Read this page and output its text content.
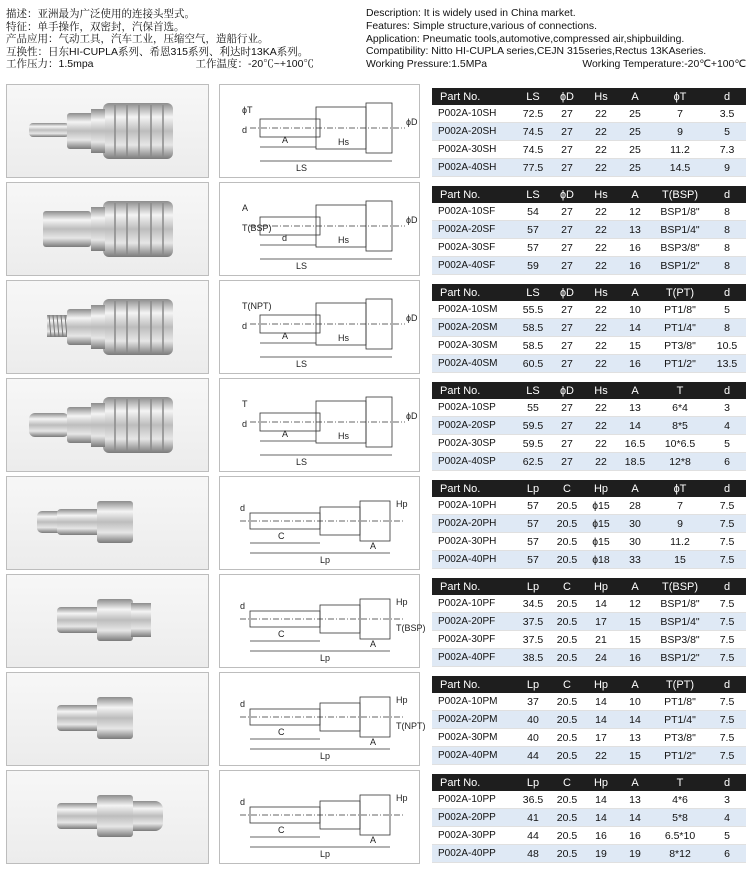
描述：亚洲最为广泛使用的连接头型式。
特征：单手操作，双密封，汽保首选。
产品应用：气动工具，汽车工业，压缩空气，造船行业。
互换性：日东HI-CUPLA系列、希恩315系列、利达时13KA系列。
工作压力：1.5mpa	工作温度：-20℃~+100℃
Description: It is widely used in China market.
Features: Simple structure,various of connections.
Application: Pneumatic tools,automotive,compressed air,shipbuilding.
Compatibility: Nitto HI-CUPLA series,CEJN 315series,Rectus 13KAseries.
Working Pressure:1.5MPa	Working Temperature:-20℃+100℃
ɸT
d
A
ɸD
Hs
LS
Part No.	LS	ɸD	Hs	A	ɸT	d
P002A-10SH	72.5	27	22	25	7	3.5
P002A-20SH	74.5	27	22	25	9	5
P002A-30SH	74.5	27	22	25	11.2	7.3
P002A-40SH	77.5	27	22	25	14.5	9
A
T(BSP)
d
ɸD
Hs
LS
Part No.	LS	ɸD	Hs	A	T(BSP)	d
P002A-10SF	54	27	22	12	BSP1/8"	8
P002A-20SF	57	27	22	13	BSP1/4"	8
P002A-30SF	57	27	22	16	BSP3/8"	8
P002A-40SF	59	27	22	16	BSP1/2"	8
T(NPT)
d
A
ɸD
Hs
LS
Part No.	LS	ɸD	Hs	A	T(PT)	d
P002A-10SM	55.5	27	22	10	PT1/8"	5
P002A-20SM	58.5	27	22	14	PT1/4"	8
P002A-30SM	58.5	27	22	15	PT3/8"	10.5
P002A-40SM	60.5	27	22	16	PT1/2"	13.5
T
d
A
ɸD
Hs
LS
Part No.	LS	ɸD	Hs	A	T	d
P002A-10SP	55	27	22	13	6*4	3
P002A-20SP	59.5	27	22	14	8*5	4
P002A-30SP	59.5	27	22	16.5	10*6.5	5
P002A-40SP	62.5	27	22	18.5	12*8	6
d
C
Lp
A
Hp
Part No.	Lp	C	Hp	A	ɸT	d
P002A-10PH	57	20.5	ɸ15	28	7	7.5
P002A-20PH	57	20.5	ɸ15	30	9	7.5
P002A-30PH	57	20.5	ɸ15	30	11.2	7.5
P002A-40PH	57	20.5	ɸ18	33	15	7.5
d
C
Lp
A
Hp
T(BSP)
Part No.	Lp	C	Hp	A	T(BSP)	d
P002A-10PF	34.5	20.5	14	12	BSP1/8"	7.5
P002A-20PF	37.5	20.5	17	15	BSP1/4"	7.5
P002A-30PF	37.5	20.5	21	15	BSP3/8"	7.5
P002A-40PF	38.5	20.5	24	16	BSP1/2"	7.5
d
C
Lp
A
Hp
T(NPT)
Part No.	Lp	C	Hp	A	T(PT)	d
P002A-10PM	37	20.5	14	10	PT1/8"	7.5
P002A-20PM	40	20.5	14	14	PT1/4"	7.5
P002A-30PM	40	20.5	17	13	PT3/8"	7.5
P002A-40PM	44	20.5	22	15	PT1/2"	7.5
d
C
Lp
A
Hp
Part No.	Lp	C	Hp	A	T	d
P002A-10PP	36.5	20.5	14	13	4*6	3
P002A-20PP	41	20.5	14	14	5*8	4
P002A-30PP	44	20.5	16	16	6.5*10	5
P002A-40PP	48	20.5	19	19	8*12	6
